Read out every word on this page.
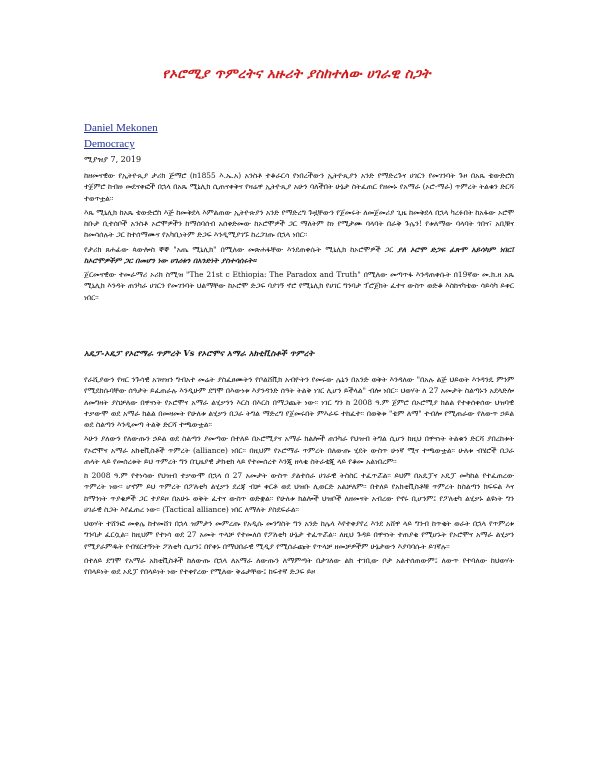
የኦሮሚያ ጥምረትና አዙሪት ያስከተለው ሀገራዊ ስጋት
Daniel Mekonen
Democracy
ሚያዝያ 7, 2019

ከዘመናዊው የኢትዮጲያ ታሪክ ጅማሮ (ከ1855 እ.ኤ.አ) አንስቶ ተቆራርሳ የነበረችውን ኢትዮጲያን አንድ የማድረጉና ሀገርን የመገንባት ጉዞ በአጼ ቴውድሮስ ተጀምሮ ከብዙ መደናቀፎች በኋላ በአጼ ሚኒሊክ ሲጠናቀቅና የዛሬዋ ኢትዮጲያ አሁን ባለችበት ሁኔታ ስትፈጠር የዘመኑ የአማራ (ኦሮ-ማራ) ጥምረት ትልቁን ድርሻ ተወጥቷል፡፡

እጼ ሚኒሊክ ከአጼ ቴውድሮስ እጅ ከመቅደላ እምልጠው ኢትዮጵያን አንድ የማድረግ ጉዟቸውን የጀመሩት ለመጀመሪያ ጊዜ ከመቅደላ በኋላ ካረፉበት ከአፋው ኦሮሞ ከቡታ ቢተሰቦች አንስቶ ኦሮሞዎችን ከማሰባሰብ አሰቀድመው ከኦሮሞዎች ጋር ማለትም ከነ የሚታሙ ባላባት በራቅ ጉሌን! የቱለማው ባላባት ጎበና፣ አቢቹና ከመሳሰሉት ጋር ከተሰማሙና የአካቢነትም ድጋፍ እንዲሚያገኙ ከረጋገጡ በኋላ ነበር፡፡

የታሪክ ጸሐፊው ጳውሎስ ኞኞ "አጤ ሚኒሊክ" በሚለው መጽሐፋቸው እንደጠቀሱት ሚኒሊክ ከኦሮሞዎች ጋር ያለ ኦሮሞ ድጋፍ ፈጽሞ አይሳካም ነበር፤ ከኦሮሞዎችም ጋር በመሆን ነው ሀገሪቱን በአንድነት ያስተሳሰሩት፡፡

ጀርመናዊው ተመራማሪ ኦሪክ ስሚዝ "The 21st c Ethiopia: The Paradox and Truth" በሚለው መጣጥፋ እንዳጠቀሱት በ19ኛው መ.ክ.ዘ አጼ ሚኒሊክ እንዳት ጠንካራ ሀገርን የመገንባት ህልማቸው ከኦሮሞ ድጋፍ ባያገኝ ኖሮ የሚኒሊክ የሀገር ግንባታ ፕሮጀክት ፈተና ውስጥ ወድቆ እስከናካቴው ሳይሳካ ይቀር ነበር፡፡

አዴፓ-ኦዴፓ የኦሮማራ ጥምረት Vs የኦሮሞና አማራ አክቲቪስቶች ጥምረት

የራሺያውን የዛር ንጉሳዊ አገዛዝን ግብአተ መሬት ያስፈፀሙትን የቦልሸቪክ አብዮትን የመሩው ሌኒን በአንድ ወቅት እንዳለው "በአሉ ልጅ ህይወት እንዳንዴ ምንም የሚደከሱባቸው ሰዓታት ይፈጠራሉ እንዲሁም ደግሞ በእውነቱ እያንዳንድ ሰዓት ትልቅ ነገር ሊሆን ይችላል" ብሎ ነበር፡፡ ህወሃት ለ 27 አመታት ስልጣኑን አደላድሎ ለመግዛት ያስቻለው በዋናነት የኦሮሞና አማራ ልሂቃንን እርስ በእርስ በማጋጨት ነው፡፡ ነገር ግን ከ 2008 ዓ.ም ጀምሮ በኦሮሚያ ክልል የተቀሰቀሰው ህዝባዊ ተቃውሞ ወደ አማራ ክልል በመዛመት የሁለቱ ልሂቃን በጋራ ትግል ማድረግ የጀመሩበት ምእራፍ ተከፈተ፡፡ በወቅቱ "ቴም ለማ" ተብሎ የሚጠራው የለውጥ ኃይል ወደ ስልጣን እንዲመጣ ትልቅ ድርሻ ተጫውቷል፡፡

እሁን ያለውን የለውጡን ኃይል ወደ ስልጣን ያመጣው በተለይ በኦሮሚያና አማራ ክልሎች ጠንካራ የህዝብ ትግል ሲሆን ከዚህ በዋናነት ትልቁን ድርሻ ያበረከቱት የኦሮሞና አማራ አክቲቪስቶች ጥምረት (alliance) ነበር፡፡ በዚህም የኦሮማራ ጥምረት በለውጡ ሂደት ውስጥ ሁነኛ ሚና ተጫውቷል፡፡ ሁለቱ ብሄሮች በጋራ ጠላት ላይ የመሰረቱት ይህ ጥምረት ግን በጊዜያዊ ታክቲክ ላይ የተመሰረተ እንጂ ዘላቂ ስትራቴጂ ላይ የቆመ አልነበረም፡፡

ከ 2008 ዓ.ም የተነሳው የህዝብ ተቃውሞ በኋላ በ 27 አመታት ውስጥ ያልተሰራ ሀገራዊ ትስስር ተፈጥሯል፡፡ ይህም በአዴፓና ኦዴፓ መካከል የተፈጠረው ጥምረት ነው፡፡ ሆኖም ይህ ጥምረት በፖለቲካ ልሂቃን ደረጃ ብቻ ቀርቶ ወደ ህዝቡ ሊወርድ አልቻለም፡፡ በተለይ የአክቲቪስቶቹ ጥምረት ከስልጣን ክፍፍል እና ከማንነት ጥያቄዎች ጋር ተያይዞ በአሁኑ ወቅት ፈተና ውስጥ ወድቋል፡፡ የሁለቱ ክልሎች ህዝቦች ለዘመናት አብረው የኖሩ ቢሆንም፤ የፖለቲካ ልሂቃኑ ልዩነት ግን ሀገራዊ ስጋት እየፈጠረ ነው፡፡ (Tactical alliance) ነበር ለማለት ያስደፍራል፡፡

ህወሃት ተሸንፎ መቀሌ ከተመሸገ በኋላ ዝምታን መምረጡ የአዲሱ መንግስት ግን አንድ ከሌላ እየተቀያየረ እንደ አሸዋ ላይ ግንብ ከጥቂት ወራት በኋላ የጥምረቱ ግንባታ ፈርሷል፡፡ ከዚህም የተነሳ ወደ 27 አመት ጥላቻ የተመለሰ የፖለቲካ ሁኔታ ተፈጥሯል፡፡ ለዚህ ጉዳይ በዋናነት ተጠያቂ የሚሆኑት የኦሮሞና አማራ ልሂቃን የሚያራምዱት የብሄርተኝነት ፖለቲካ ሲሆን፤ በየቀኑ በማህበራዊ ሚዲያ የሚሰራጩት የጥላቻ ዘመቻዎችም ሁኔታውን እያባባሱት ይገኛሉ፡፡

በተለይ ደግሞ የአማራ አክቲቪስቶች ከለውጡ በኋላ ለአማራ ለውጡን ለማምጣት በታገለው ልክ ተገቢው ቦታ አልተሰጠውም፤ ለውጥ የተባለው ከህወሃት የበላይነት ወደ ኦዴፓ የበላይነት ነው የተቀየረው የሚለው ቅሬታቸው፤ ከፍተኛ ድጋፍ ይዞ
